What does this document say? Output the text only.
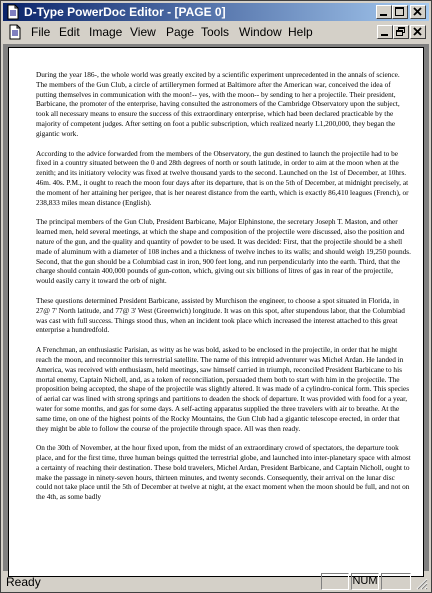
D-Type PowerDoc Editor - [PAGE 0]
File Edit Image View Page Tools Window Help

During the year 186-, the whole world was greatly excited by a scientific experiment unprecedented in the annals of science. The members of the Gun Club, a circle of artillerymen formed at Baltimore after the American war, conceived the idea of putting themselves in communication with the moon!-- yes, with the moon-- by sending to her a projectile. Their president, Barbicane, the promoter of the enterprise, having consulted the astronomers of the Cambridge Observatory upon the subject, took all necessary means to ensure the success of this extraordinary enterprise, which had been declared practicable by the majority of competent judges. After setting on foot a public subscription, which realized nearly L1,200,000, they began the gigantic work.

According to the advice forwarded from the members of the Observatory, the gun destined to launch the projectile had to be fixed in a country situated between the 0 and 28th degrees of north or south latitude, in order to aim at the moon when at the zenith; and its initiatory velocity was fixed at twelve thousand yards to the second. Launched on the 1st of December, at 10hrs. 46m. 40s. P.M., it ought to reach the moon four days after its departure, that is on the 5th of December, at midnight precisely, at the moment of her attaining her perigee, that is her nearest distance from the earth, which is exactly 86,410 leagues (French), or 238,833 miles mean distance (English).

The principal members of the Gun Club, President Barbicane, Major Elphinstone, the secretary Joseph T. Maston, and other learned men, held several meetings, at which the shape and composition of the projectile were discussed, also the position and nature of the gun, and the quality and quantity of powder to be used. It was decided: First, that the projectile should be a shell made of aluminum with a diameter of 108 inches and a thickness of twelve inches to its walls; and should weigh 19,250 pounds. Second, that the gun should be a Columbiad cast in iron, 900 feet long, and run perpendicularly into the earth. Third, that the charge should contain 400,000 pounds of gun-cotton, which, giving out six billions of litres of gas in rear of the projectile, would easily carry it toward the orb of night.

These questions determined President Barbicane, assisted by Murchison the engineer, to choose a spot situated in Florida, in 27@ 7' North latitude, and 77@ 3' West (Greenwich) longitude. It was on this spot, after stupendous labor, that the Columbiad was cast with full success. Things stood thus, when an incident took place which increased the interest attached to this great enterprise a hundredfold.

A Frenchman, an enthusiastic Parisian, as witty as he was bold, asked to be enclosed in the projectile, in order that he might reach the moon, and reconnoiter this terrestrial satellite. The name of this intrepid adventurer was Michel Ardan. He landed in America, was received with enthusiasm, held meetings, saw himself carried in triumph, reconciled President Barbicane to his mortal enemy, Captain Nicholl, and, as a token of reconciliation, persuaded them both to start with him in the projectile. The proposition being accepted, the shape of the projectile was slightly altered. It was made of a cylindro-conical form. This species of aerial car was lined with strong springs and partitions to deaden the shock of departure. It was provided with food for a year, water for some months, and gas for some days. A self-acting apparatus supplied the three travelers with air to breathe. At the same time, on one of the highest points of the Rocky Mountains, the Gun Club had a gigantic telescope erected, in order that they might be able to follow the course of the projectile through space. All was then ready.

On the 30th of November, at the hour fixed upon, from the midst of an extraordinary crowd of spectators, the departure took place, and for the first time, three human beings quitted the terrestrial globe, and launched into inter-planetary space with almost a certainty of reaching their destination. These bold travelers, Michel Ardan, President Barbicane, and Captain Nicholl, ought to make the passage in ninety-seven hours, thirteen minutes, and twenty seconds. Consequently, their arrival on the lunar disc could not take place until the 5th of December at twelve at night, at the exact moment when the moon should be full, and not on the 4th, as some badly

Ready	NUM
